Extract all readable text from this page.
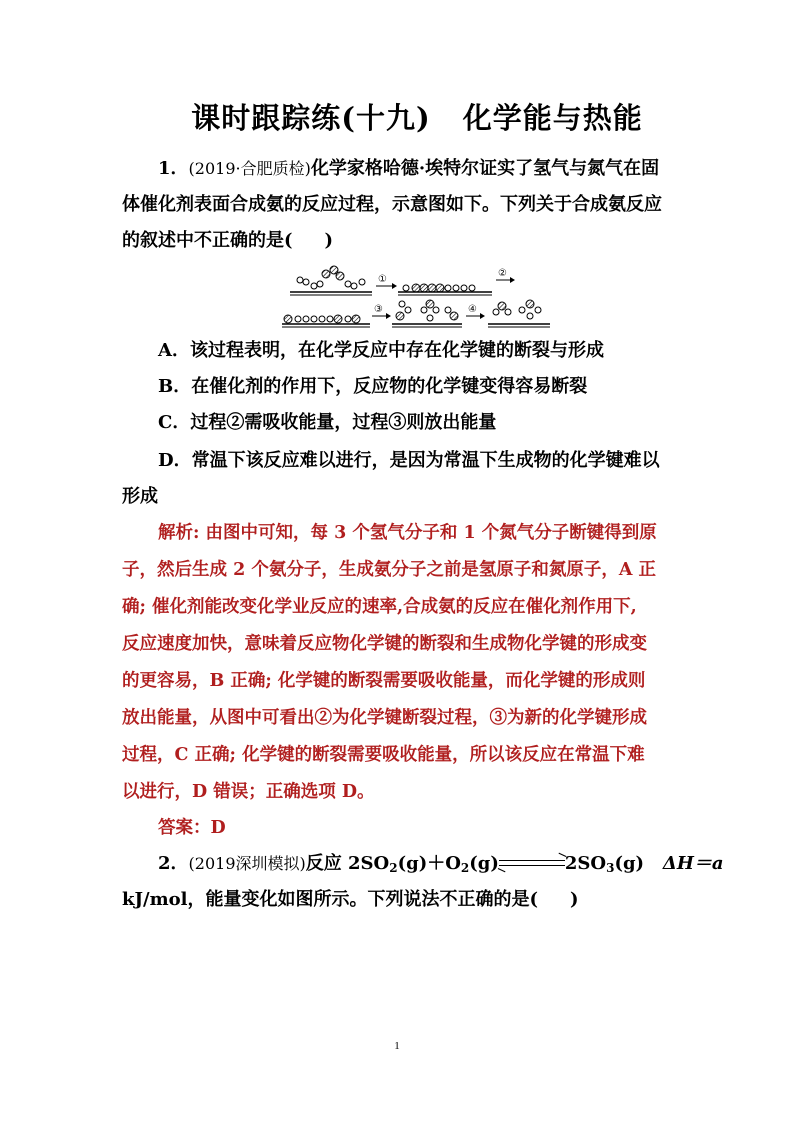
课时跟踪练(十九) 化学能与热能
1．(2019·合肥质检)化学家格哈德·埃特尔证实了氢气与氮气在固
体催化剂表面合成氨的反应过程，示意图如下。下列关于合成氨反应
的叙述中不正确的是( )
①
②
③	④
A．该过程表明，在化学反应中存在化学键的断裂与形成
B．在催化剂的作用下，反应物的化学键变得容易断裂
C．过程②需吸收能量，过程③则放出能量
D．常温下该反应难以进行，是因为常温下生成物的化学键难以
形成
解析: 由图中可知，每 3 个氢气分子和 1 个氮气分子断键得到原
子，然后生成 2 个氨分子，生成氨分子之前是氢原子和氮原子，A 正
确; 催化剂能改变化学业反应的速率,合成氨的反应在催化剂作用下,
反应速度加快，意味着反应物化学键的断裂和生成物化学键的形成变
的更容易，B 正确; 化学键的断裂需要吸收能量，而化学键的形成则
放出能量，从图中可看出②为化学键断裂过程，③为新的化学键形成
过程，C 正确; 化学键的断裂需要吸收能量，所以该反应在常温下难
以进行，D 错误；正确选项 D。
答案：D
2．(2019深圳模拟)反应 $2SO_2(g)+O_2(g)$	$2SO_3(g)$ ΔH＝a
kJ/mol，能量变化如图所示。下列说法不正确的是( )
1
